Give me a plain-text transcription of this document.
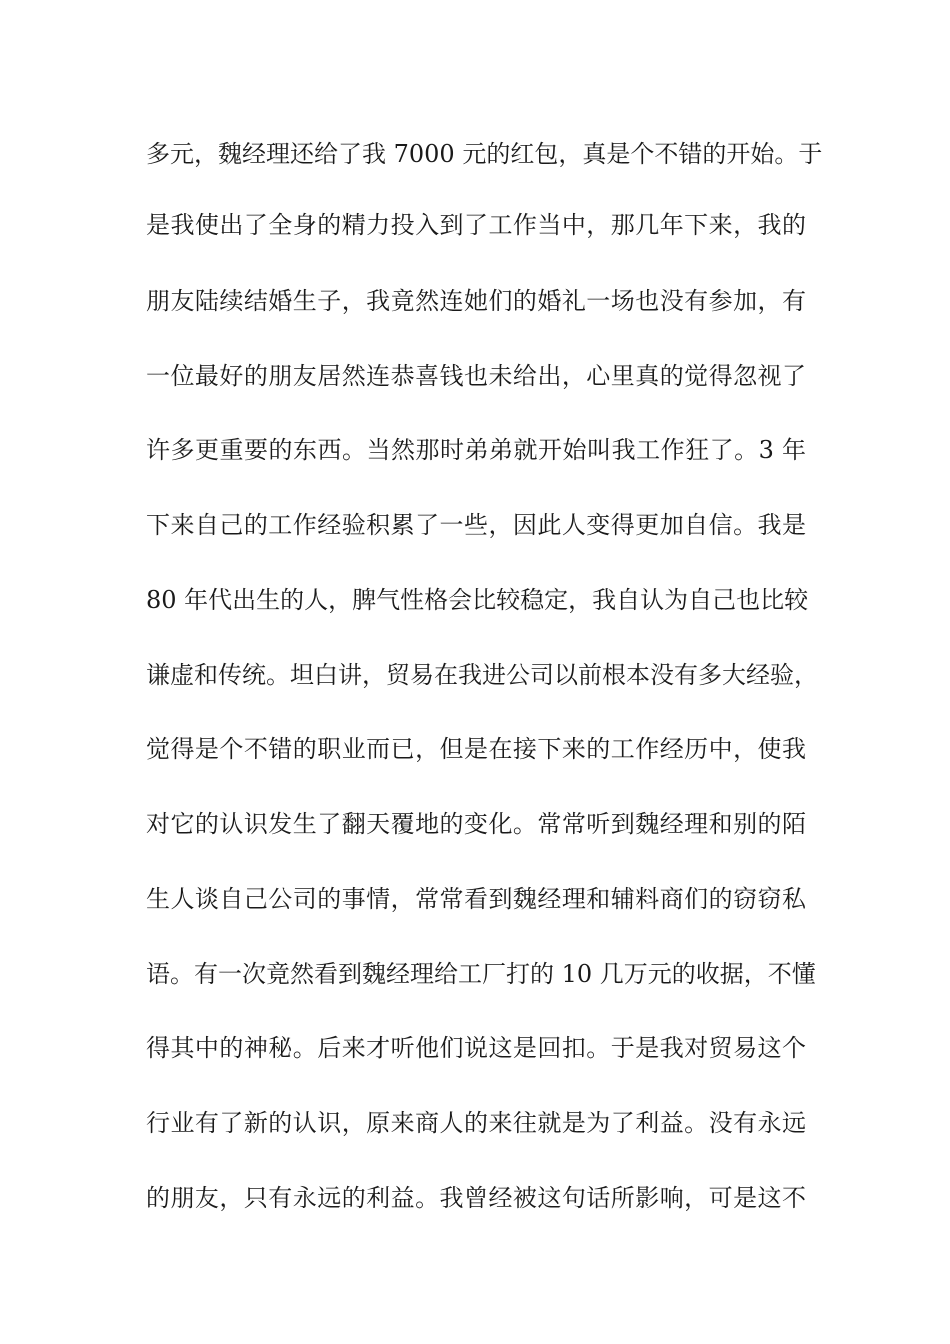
多元，魏经理还给了我 7000 元的红包，真是个不错的开始。于
是我使出了全身的精力投入到了工作当中，那几年下来，我的
朋友陆续结婚生子，我竟然连她们的婚礼一场也没有参加，有
一位最好的朋友居然连恭喜钱也未给出，心里真的觉得忽视了
许多更重要的东西。当然那时弟弟就开始叫我工作狂了。3 年
下来自己的工作经验积累了一些，因此人变得更加自信。我是
80 年代出生的人，脾气性格会比较稳定，我自认为自己也比较
谦虚和传统。坦白讲，贸易在我进公司以前根本没有多大经验，
觉得是个不错的职业而已，但是在接下来的工作经历中，使我
对它的认识发生了翻天覆地的变化。常常听到魏经理和别的陌
生人谈自己公司的事情，常常看到魏经理和辅料商们的窃窃私
语。有一次竟然看到魏经理给工厂打的 10 几万元的收据，不懂
得其中的神秘。后来才听他们说这是回扣。于是我对贸易这个
行业有了新的认识，原来商人的来往就是为了利益。没有永远
的朋友，只有永远的利益。我曾经被这句话所影响，可是这不
